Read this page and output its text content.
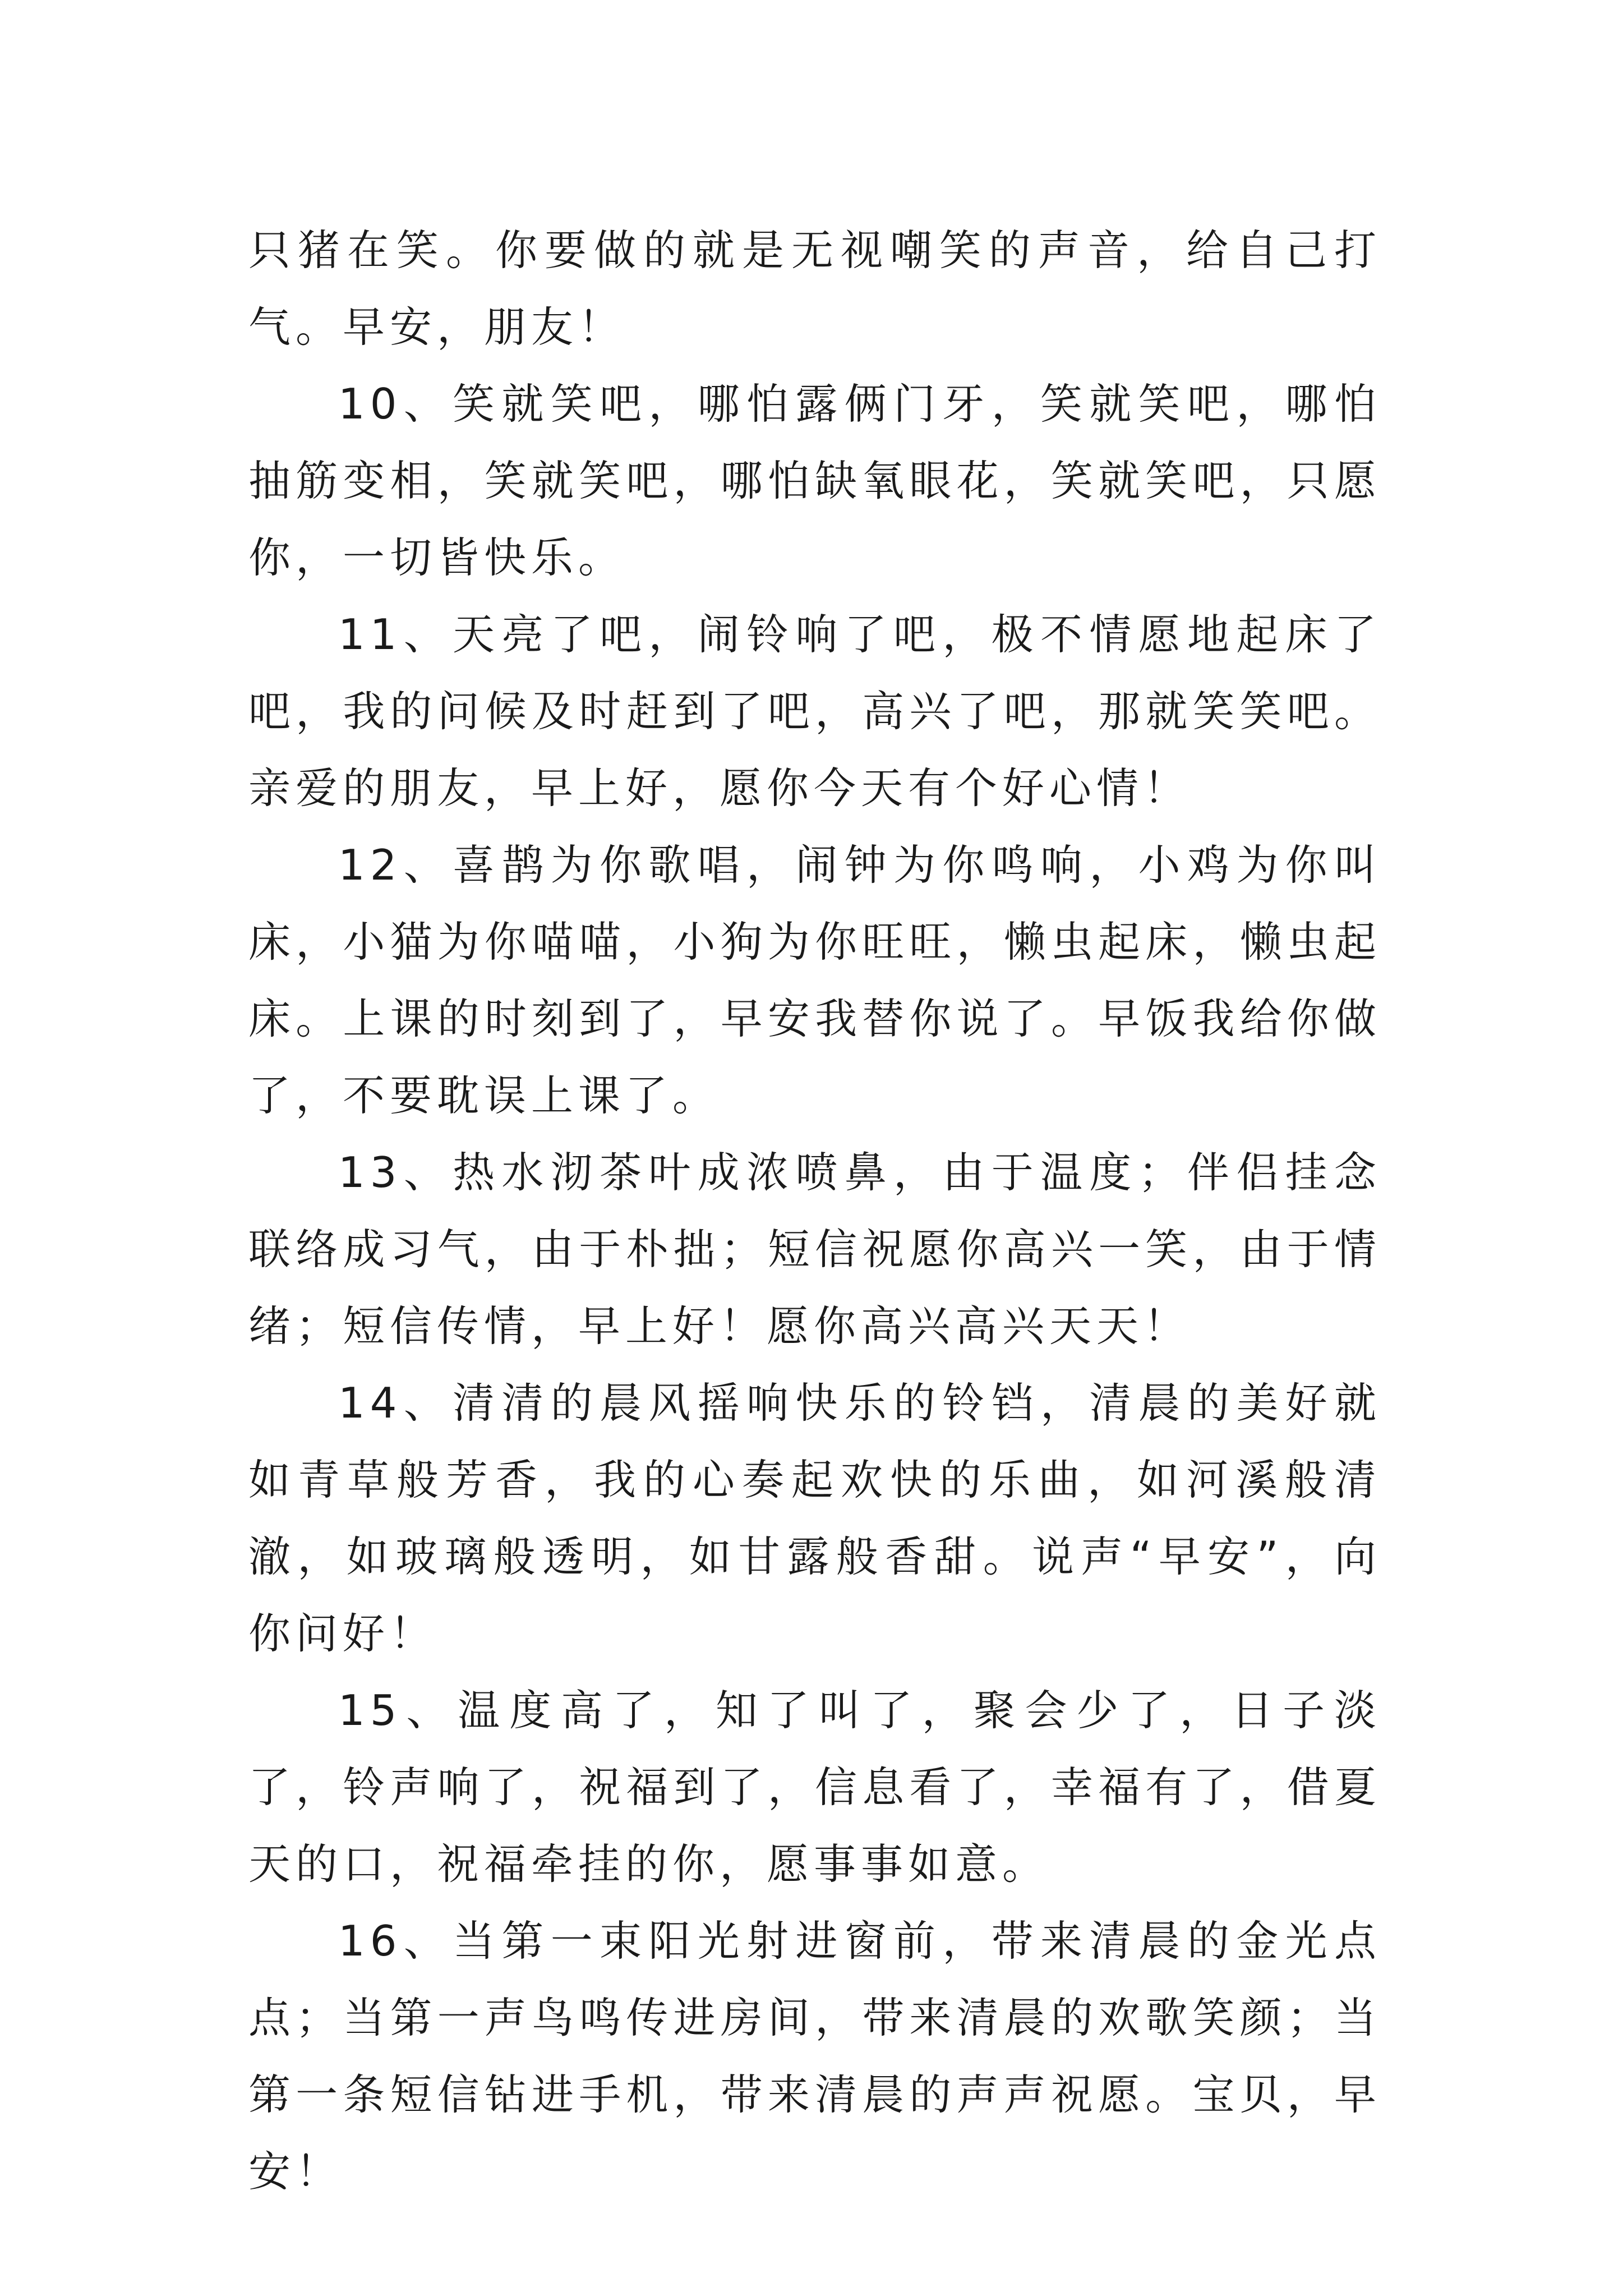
只猪在笑。你要做的就是无视嘲笑的声音，给自己打气。早安，朋友！

10、笑就笑吧，哪怕露俩门牙，笑就笑吧，哪怕抽筋变相，笑就笑吧，哪怕缺氧眼花，笑就笑吧，只愿你，一切皆快乐。

11、天亮了吧，闹铃响了吧，极不情愿地起床了吧，我的问候及时赶到了吧，高兴了吧，那就笑笑吧。亲爱的朋友，早上好，愿你今天有个好心情！

12、喜鹊为你歌唱，闹钟为你鸣响，小鸡为你叫床，小猫为你喵喵，小狗为你旺旺，懒虫起床，懒虫起床。上课的时刻到了，早安我替你说了。早饭我给你做了，不要耽误上课了。

13、热水沏茶叶成浓喷鼻，由于温度；伴侣挂念联络成习气，由于朴拙；短信祝愿你高兴一笑，由于情绪；短信传情，早上好！愿你高兴高兴天天！

14、清清的晨风摇响快乐的铃铛，清晨的美好就如青草般芳香，我的心奏起欢快的乐曲，如河溪般清澈，如玻璃般透明，如甘露般香甜。说声“早安”，向你问好！

15、温度高了，知了叫了，聚会少了，日子淡了，铃声响了，祝福到了，信息看了，幸福有了，借夏天的口，祝福牵挂的你，愿事事如意。

16、当第一束阳光射进窗前，带来清晨的金光点点；当第一声鸟鸣传进房间，带来清晨的欢歌笑颜；当第一条短信钻进手机，带来清晨的声声祝愿。宝贝，早安！
